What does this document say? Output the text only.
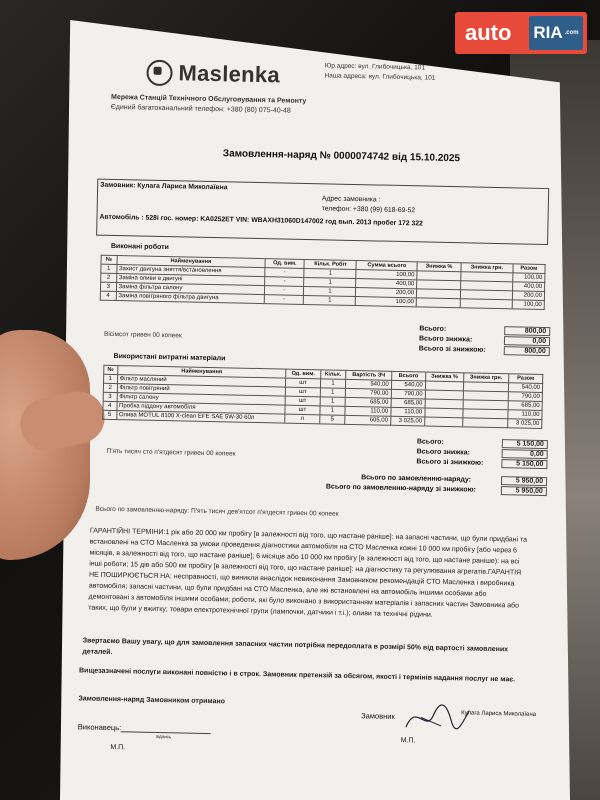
Maslenka	Юр.адрес: вул. Глибочицька, 101
Наша адреса: вул. Глибочицька, 101
Мережа Станцій Технічного Обслуговування та Ремонту
Єдиний багатоканальний телефон: +380 (80) 075-40-48
Замовлення-наряд № 0000074742 від 15.10.2025
Замовник: Кулага Лариса Миколаївна
Адрес замовника :
телефон: +380 (99) 618-69-52
Автомобіль : 528i гос. номер: KA0252ET VIN: WBAXH31060D147002 год вып. 2013 пробег 172 322
Виконані роботи
№	Найменування	Од. вим.	Кільк. Робіт	Сумма всього	Знижка %	Знижка грн.	Разом
1	Захист двигуна зняття/встановлення	-	1	100,00			100,00
2	Заміна оливи в двигуні	-	1	400,00			400,00
3	Заміна фільтра салону	-	1	200,00			200,00
4	Заміна повітряного фільтра двигуна	-	1	100,00			100,00
Всього:	800,00
Всього знижка:	0,00
Всього зі знижкою:	800,00
Вісімсот гривен 00 копеек
Використані витратні матеріали
№	Найменування	Од. вим.	Кільк.	Вартість ЗЧ	Всього	Знижка %	Знижка грн.	Разом
1	Фільтр масляний	шт	1	540,00	540,00			540,00
2	Фільтр повітряний	шт	1	790,00	790,00			790,00
3	Фільтр салону	шт	1	685,00	685,00			685,00
4	Пробка піддону автомобіля	шт	1	110,00	110,00			110,00
5	Олива MOTUL 8100 X-clean EFE SAE 5W-30 60л	л	5	605,00	3 025,00			3 025,00
Всього:	5 150,00
Всього знижка:	0,00
Всього зі знижкою:	5 150,00
П'ять тисяч сто п'ятдесят гривен 00 копеек
Всього по замовленню-наряду:	5 950,00
Всього по замовленню-наряду зі знижкою:	5 950,00
Всього по замовленню-наряду: П'ять тисяч дев'ятсот п'ятдесят гривен 00 копеек
ГАРАНТІЙНІ ТЕРМІНИ:1 рік або 20 000 км пробігу [в залежності від того, що настане раніше]: на запасні частини, що були придбані та встановлені на СТО Масленка за умови проведення діагностики автомобіля на СТО Масленка кожні 10 000 км пробігу [або через 6 місяців, в залежності від того, що настане раніше]; 6 місяців або 10 000 км пробігу [в залежності від того, що настане раніше): на всі інші роботи; 15 дів або 500 км пробігу [в залежності від того, що настане раніше]: на діагностику та регулювання агрегатів.ГАРАНТІЯ НЕ ПОШИРЮЄТЬСЯ НА: несправності, що виникли внаслідок невиконання Замовником рекомендацій СТО Масленка і виробника автомобіля; запасні частини, що були придбані на СТО Масленка, але які встановлені на автомобіль іншими особами або демонтовані з автомобіля іншими особами; роботи, які було виконано з використанням матеріалів і запасних частин Замовника або таких, що були у вжитку; товари електротехнічної групи (лампочки, датчики і т.і.); оливи та технічні рідини.
Звертаємо Вашу увагу, що для замовлення запасних частин потрібна передоплата в розмірі 50% від вартості замовлених деталей.
Вищезазначені послуги виконані повністю і в строк. Замовник претензій за обсягом, якості і термінів надання послуг не має.
Замовлення-наряд Замовником отримано
Замовник	Кулага Лариса Миколаївна
М.П.
Виконавець:
підпись
М.П.
auto RIA .com
